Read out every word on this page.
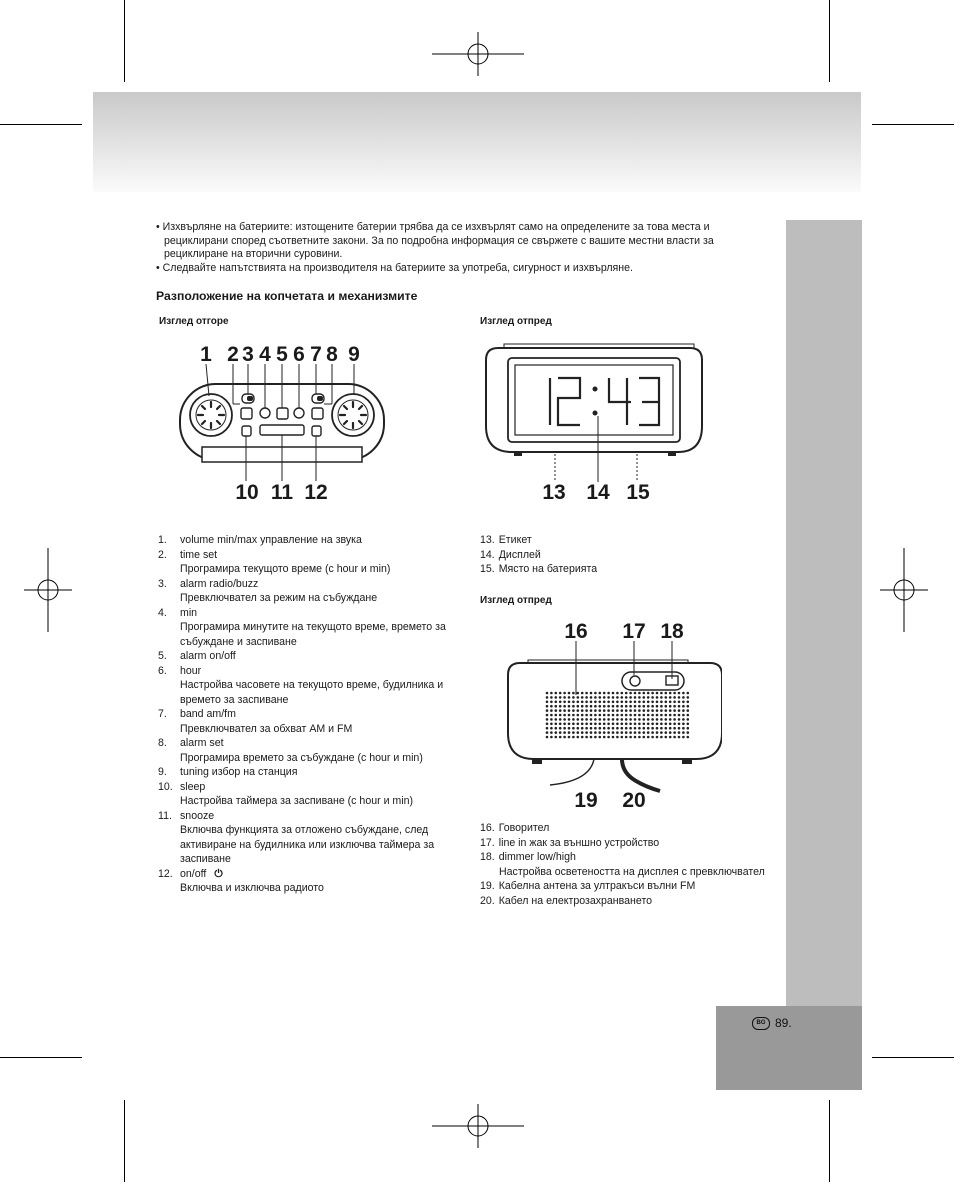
BG 89.
• Изхвърляне на батериите: изтощените батерии трябва да се изхвърлят само на определените за това места и рециклирани според съответните закони. За по подробна информация се свържете с вашите местни власти за рециклиране на вторични суровини.
• Следвайте напътствията на производителя на батериите за употреба, сигурност и изхвърляне.
Разположение на копчетата и механизмите
Изглед отгоре	Изглед отпред
Изглед отпред
1 2 3 4 5 6 7 8 9
10 11 12	13 14 15
16 17 18
19 20
1. volume min/max управление на звука
2. time set
Програмира текущото време (с hour и min)
3. alarm radio/buzz
Превключвател за режим на събуждане
4. min
Програмира минутите на текущото време, времето за събуждане и заспиване
5. alarm on/off
6. hour
Настройва часовете на текущото време, будилника и времето за заспиване
7. band am/fm
Превключвател за обхват AM и FM
8. alarm set
Програмира времето за събуждане (с hour и min)
9. tuning избор на станция
10. sleep
Настройва таймера за заспиване (с hour и min)
11. snooze
Включва функцията за отложено събуждане, след активиране на будилника или изключва таймера за заспиване
12. on/off ⏻
Включва и изключва радиото
13. Етикет
14. Дисплей
15. Място на батерията
16. Говорител
17. line in жак за външно устройство
18. dimmer low/high
Настройва осветеността на дисплея с превключвател
19. Кабелна антена за ултракъси вълни FM
20. Кабел на електрозахранването
